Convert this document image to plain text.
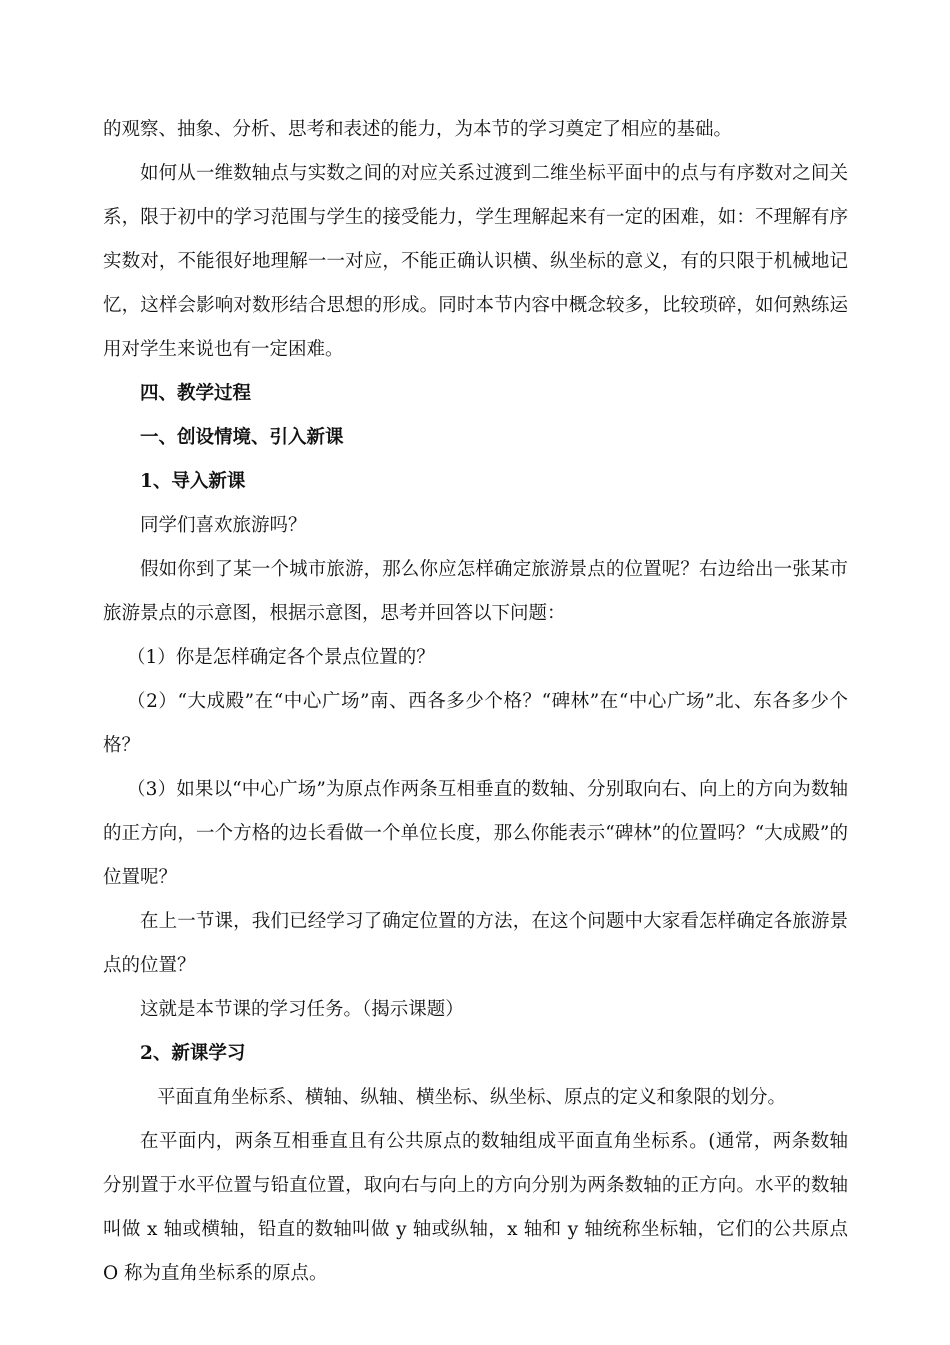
的观察、抽象、分析、思考和表述的能力，为本节的学习奠定了相应的基础。

如何从一维数轴点与实数之间的对应关系过渡到二维坐标平面中的点与有序数对之间关系，限于初中的学习范围与学生的接受能力，学生理解起来有一定的困难，如：不理解有序实数对，不能很好地理解一一对应，不能正确认识横、纵坐标的意义，有的只限于机械地记忆，这样会影响对数形结合思想的形成。同时本节内容中概念较多，比较琐碎，如何熟练运用对学生来说也有一定困难。

四、教学过程

一、创设情境、引入新课

1、导入新课

同学们喜欢旅游吗？

假如你到了某一个城市旅游，那么你应怎样确定旅游景点的位置呢？右边给出一张某市旅游景点的示意图，根据示意图，思考并回答以下问题：

（1）你是怎样确定各个景点位置的？

（2）“大成殿”在“中心广场”南、西各多少个格？“碑林”在“中心广场”北、东各多少个格？

（3）如果以“中心广场”为原点作两条互相垂直的数轴、分别取向右、向上的方向为数轴的正方向，一个方格的边长看做一个单位长度，那么你能表示“碑林”的位置吗？“大成殿”的位置呢？

在上一节课，我们已经学习了确定位置的方法，在这个问题中大家看怎样确定各旅游景点的位置？

这就是本节课的学习任务。（揭示课题）

2、新课学习

平面直角坐标系、横轴、纵轴、横坐标、纵坐标、原点的定义和象限的划分。

在平面内，两条互相垂直且有公共原点的数轴组成平面直角坐标系。(通常，两条数轴分别置于水平位置与铅直位置，取向右与向上的方向分别为两条数轴的正方向。水平的数轴叫做 x 轴或横轴，铅直的数轴叫做 y 轴或纵轴，x 轴和 y 轴统称坐标轴，它们的公共原点 O 称为直角坐标系的原点。
